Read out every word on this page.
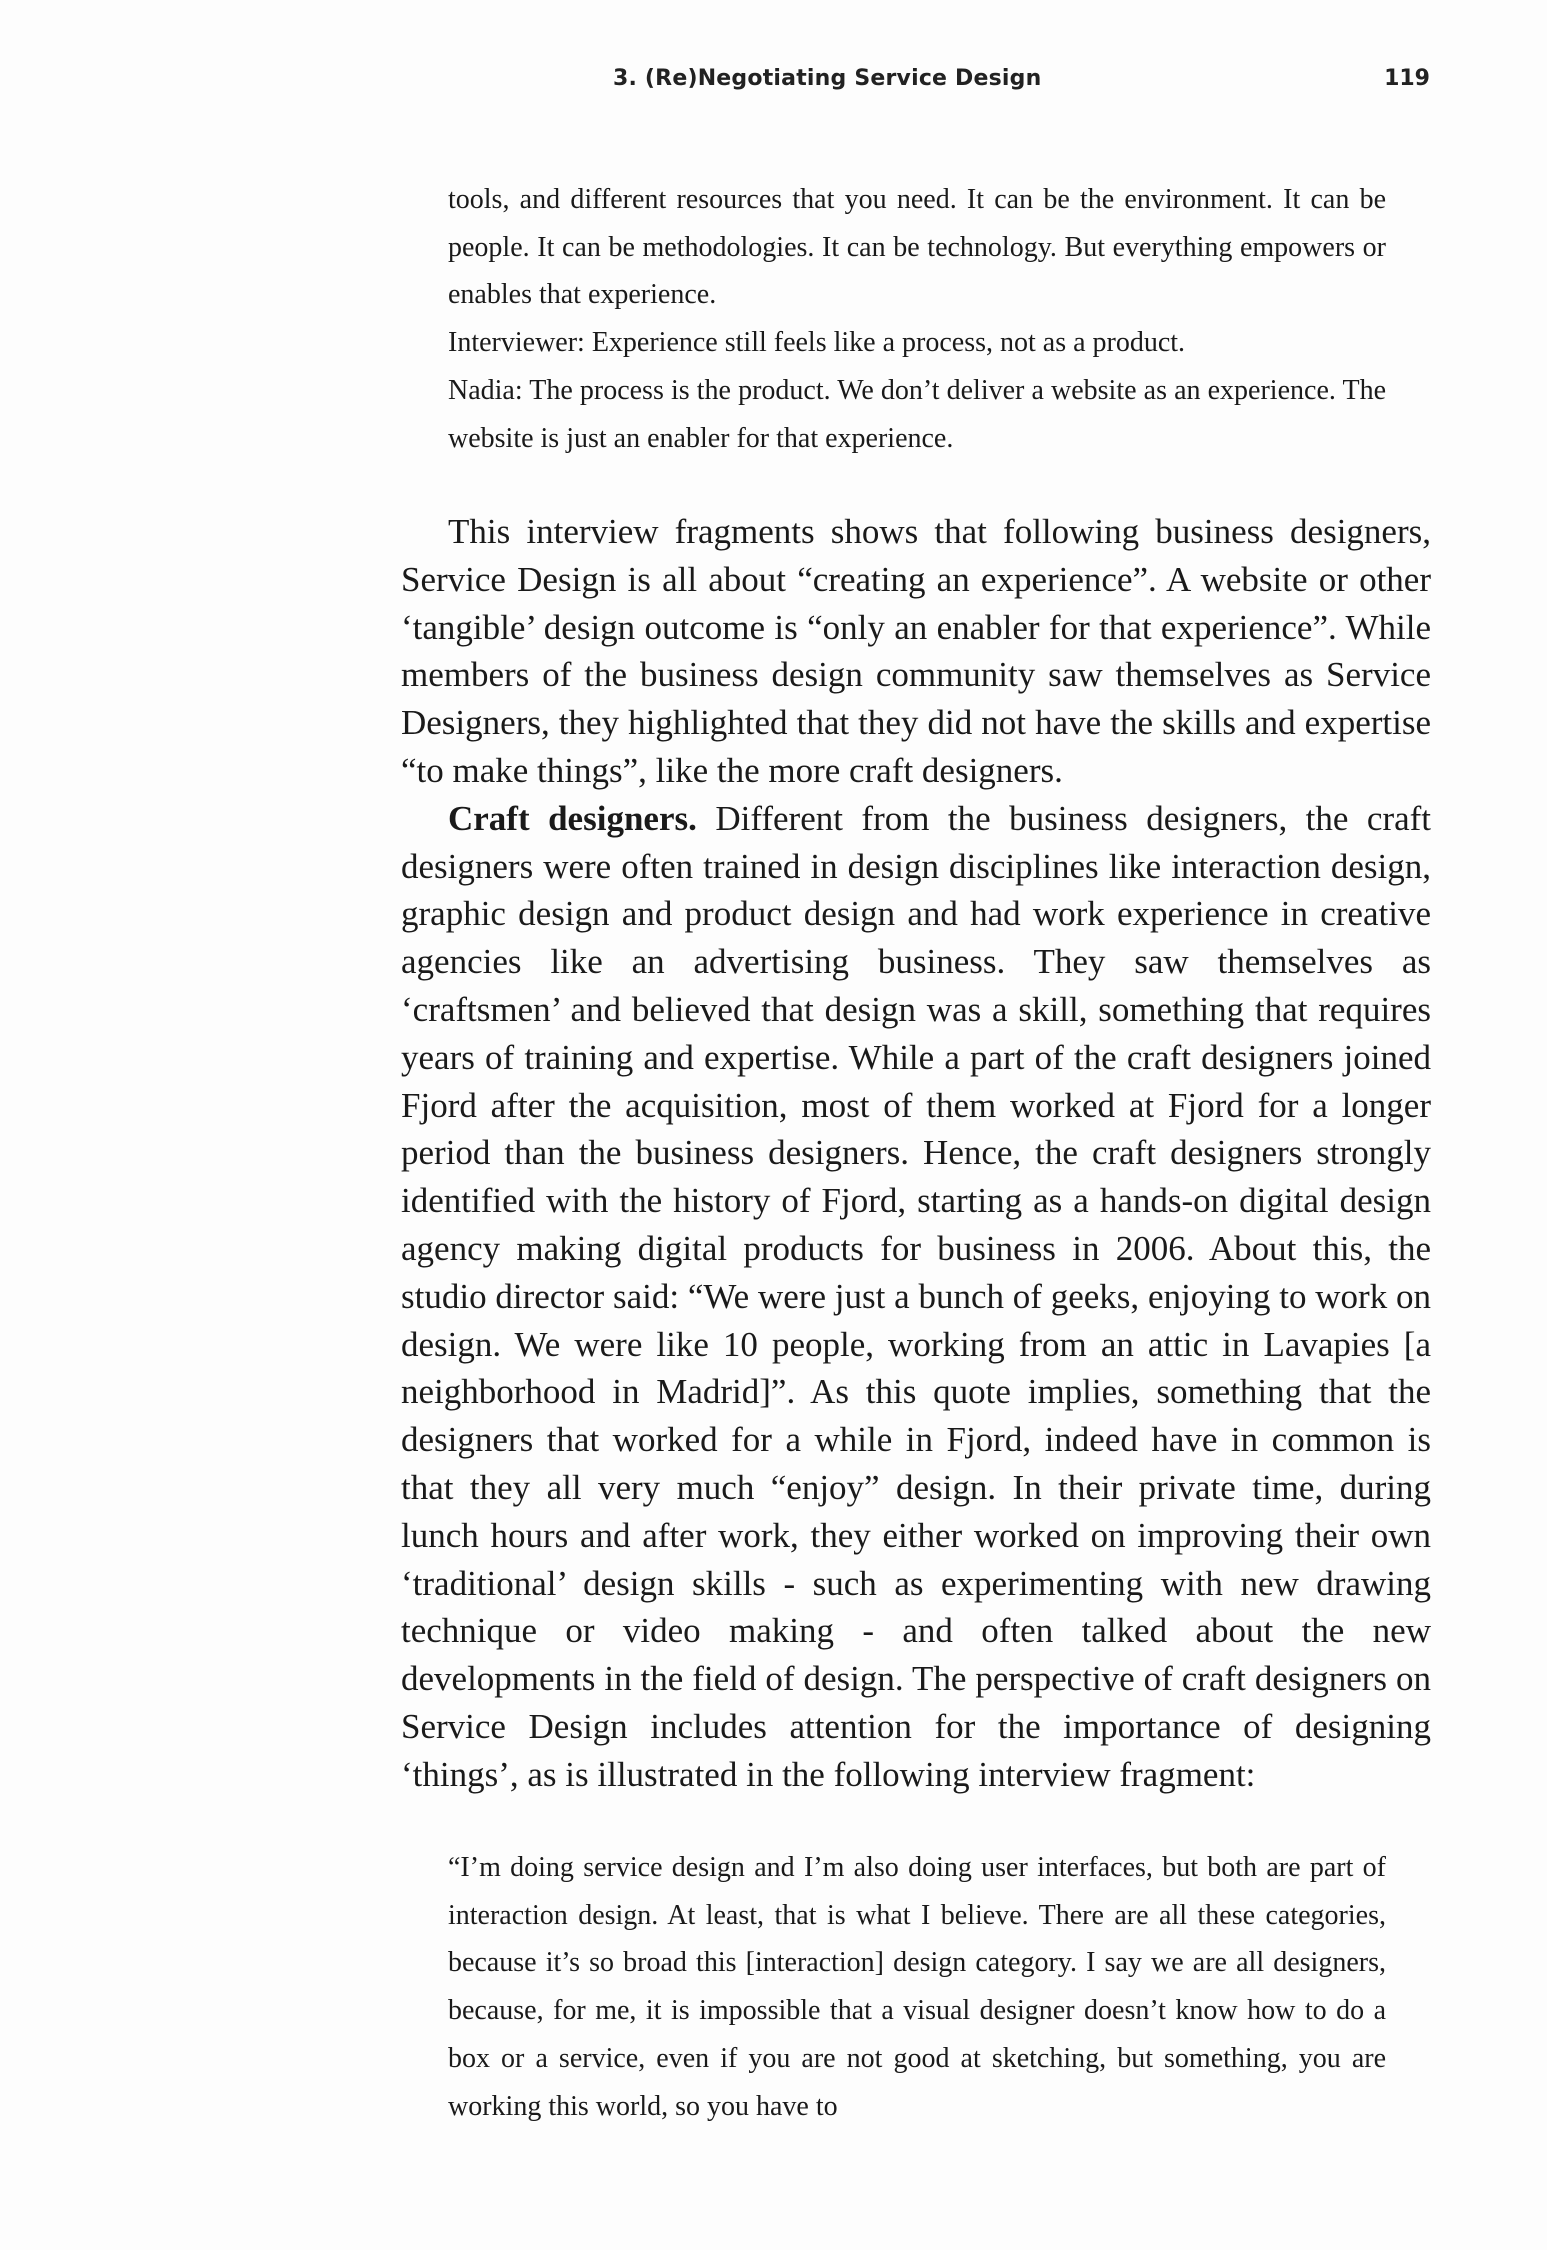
3. (Re)Negotiating Service Design	119

tools, and different resources that you need. It can be the environment. It can be people. It can be methodologies. It can be technology. But everything empowers or enables that experience.

Interviewer: Experience still feels like a process, not as a product.

Nadia: The process is the product. We don’t deliver a website as an experience. The website is just an enabler for that experience.

This interview fragments shows that following business designers, Service Design is all about “creating an experience”. A website or other ‘tangible’ design outcome is “only an enabler for that experience”. While members of the business design community saw themselves as Service Designers, they highlighted that they did not have the skills and expertise “to make things”, like the more craft designers.

Craft designers. Different from the business designers, the craft designers were often trained in design disciplines like interaction design, graphic design and product design and had work experience in creative agencies like an advertising business. They saw themselves as ‘craftsmen’ and believed that design was a skill, something that requires years of training and expertise. While a part of the craft designers joined Fjord after the acquisition, most of them worked at Fjord for a longer period than the business designers. Hence, the craft designers strongly identified with the history of Fjord, starting as a hands-on digital design agency making digital products for business in 2006. About this, the studio director said: “We were just a bunch of geeks, enjoying to work on design. We were like 10 people, working from an attic in Lavapies [a neighborhood in Madrid]”. As this quote implies, something that the designers that worked for a while in Fjord, indeed have in common is that they all very much “enjoy” design. In their private time, during lunch hours and after work, they either worked on improving their own ‘traditional’ design skills - such as experimenting with new drawing technique or video making - and often talked about the new developments in the field of design. The perspective of craft designers on Service Design includes attention for the importance of designing ‘things’, as is illustrated in the following interview fragment:

“I’m doing service design and I’m also doing user interfaces, but both are part of interaction design. At least, that is what I believe. There are all these categories, because it’s so broad this [interaction] design category. I say we are all designers, because, for me, it is impossible that a visual designer doesn’t know how to do a box or a service, even if you are not good at sketching, but something, you are working this world, so you have to
